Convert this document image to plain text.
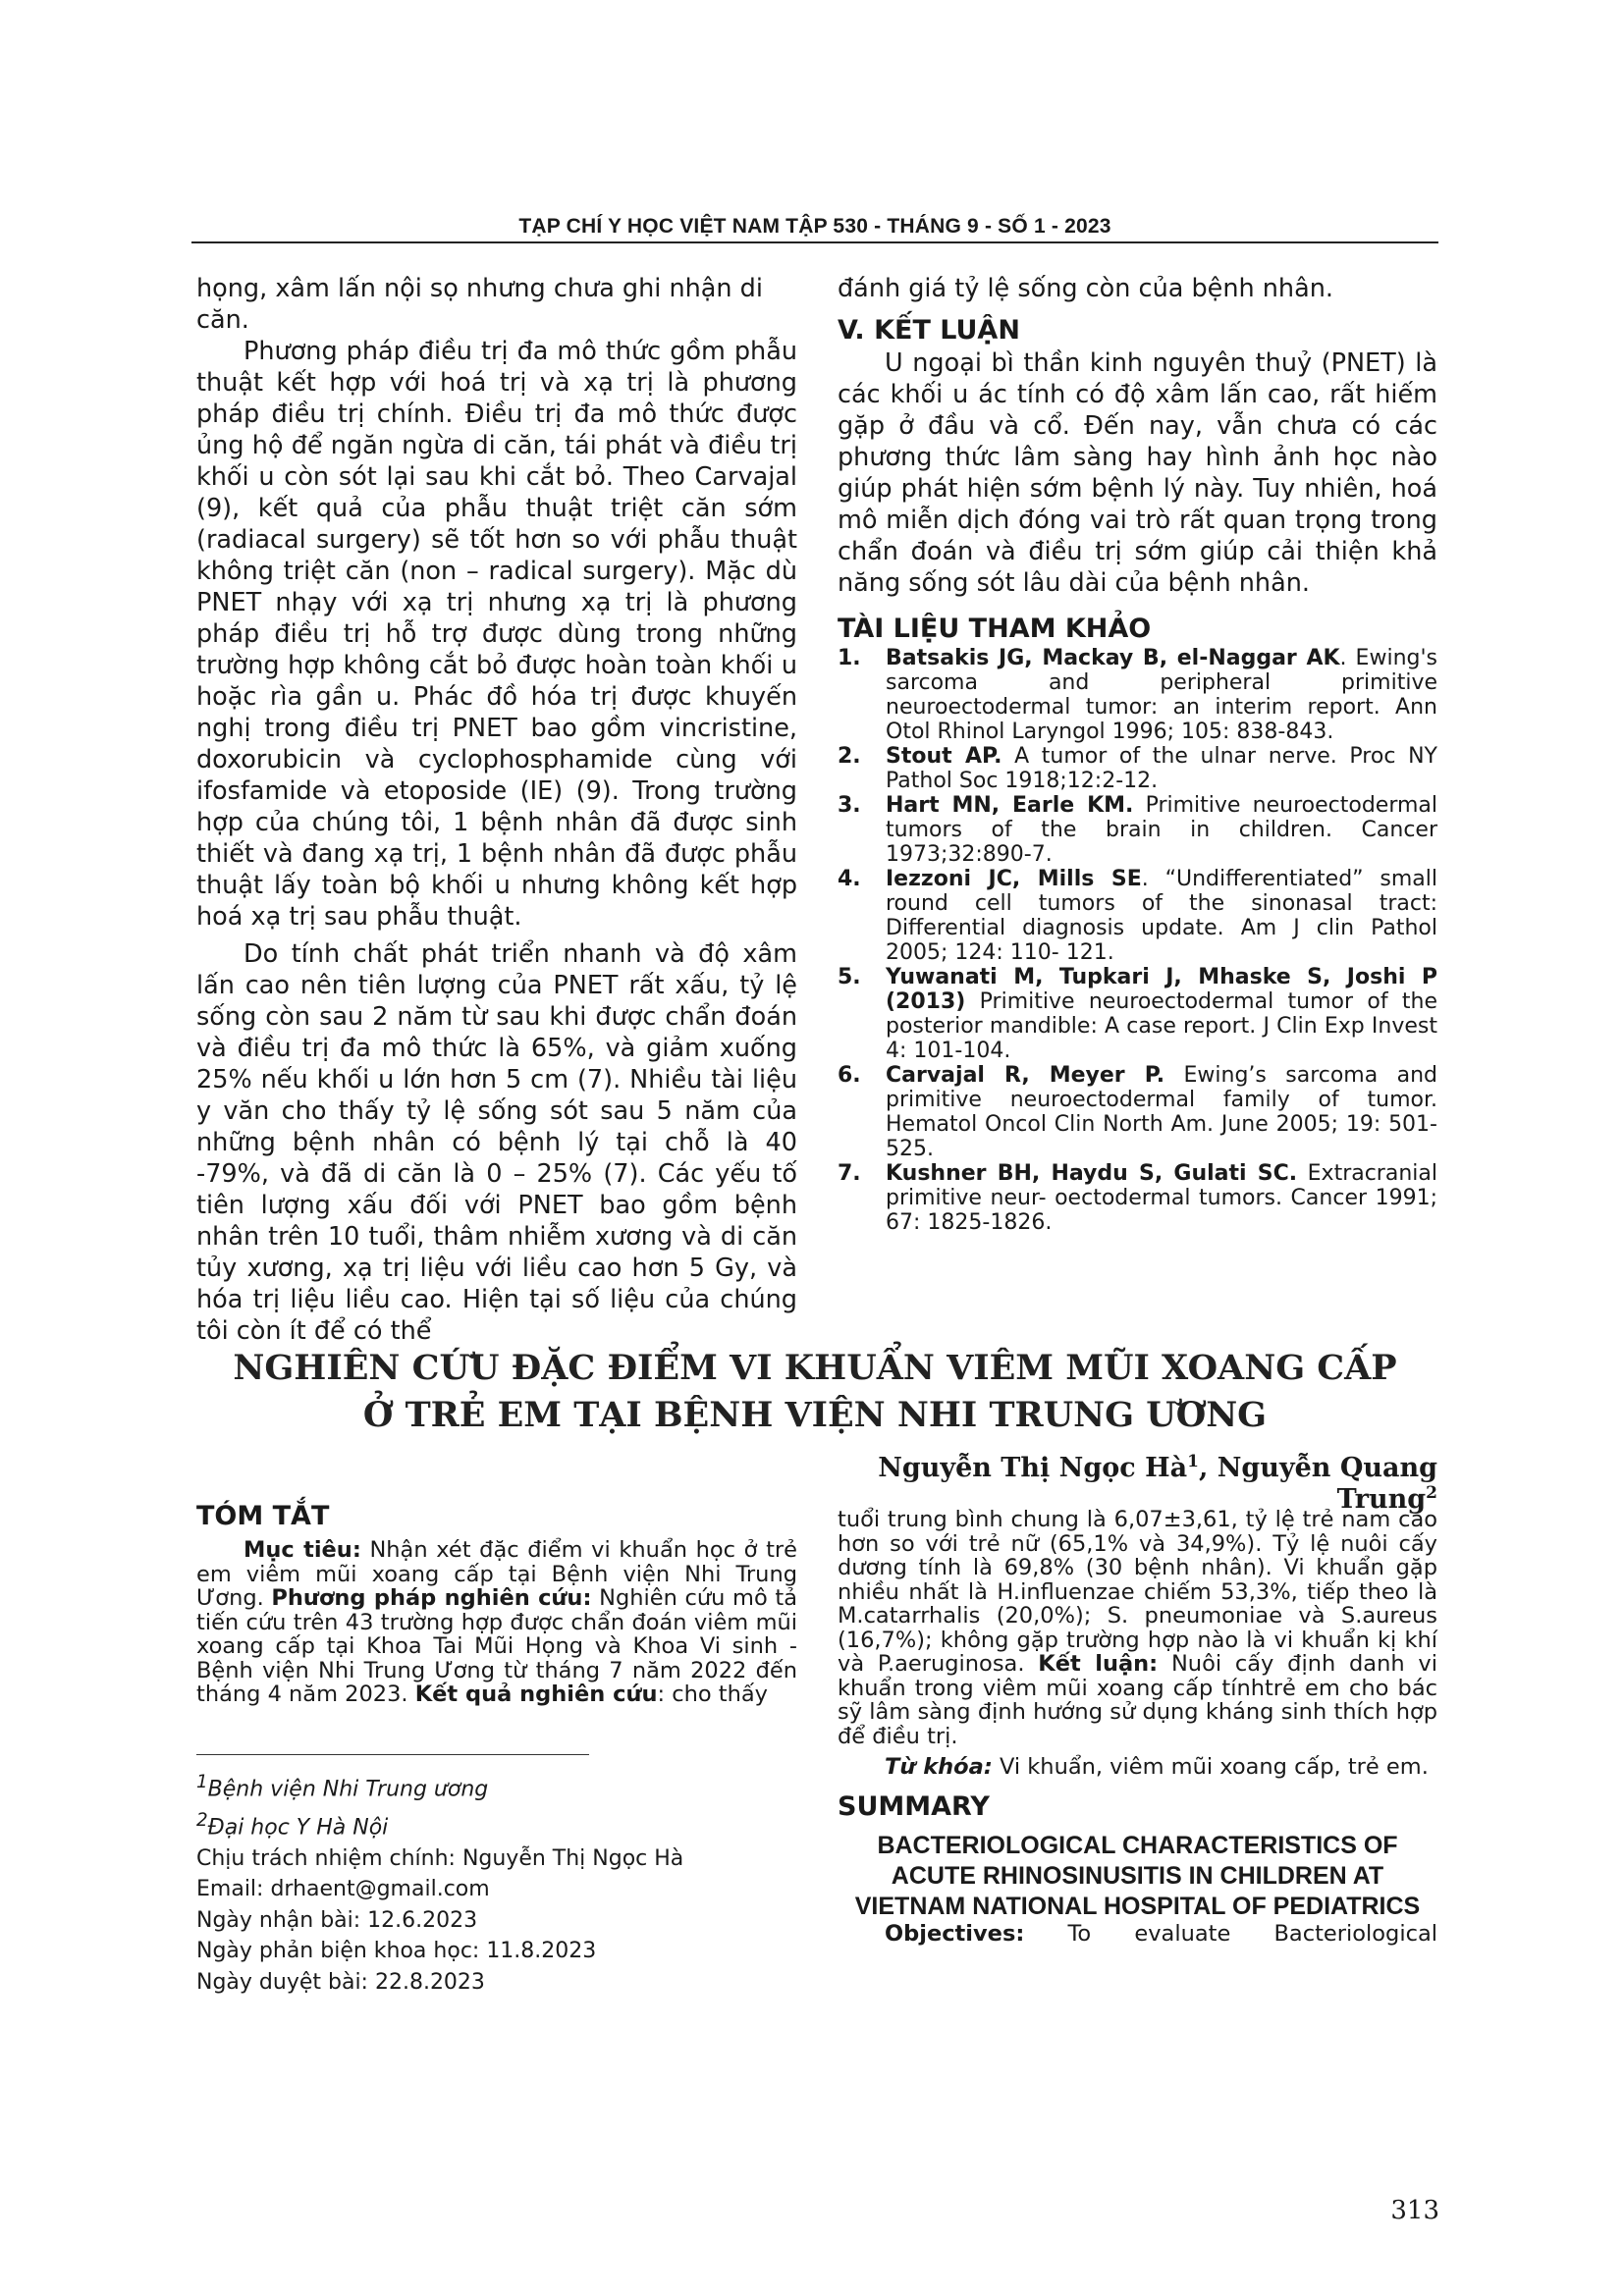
TẠP CHÍ Y HỌC VIỆT NAM TẬP 530 - THÁNG 9 - SỐ 1 - 2023

họng, xâm lấn nội sọ nhưng chưa ghi nhận di căn.

Phương pháp điều trị đa mô thức gồm phẫu thuật kết hợp với hoá trị và xạ trị là phương pháp điều trị chính. Điều trị đa mô thức được ủng hộ để ngăn ngừa di căn, tái phát và điều trị khối u còn sót lại sau khi cắt bỏ. Theo Carvajal (9), kết quả của phẫu thuật triệt căn sớm (radiacal surgery) sẽ tốt hơn so với phẫu thuật không triệt căn (non – radical surgery). Mặc dù PNET nhạy với xạ trị nhưng xạ trị là phương pháp điều trị hỗ trợ được dùng trong những trường hợp không cắt bỏ được hoàn toàn khối u hoặc rìa gần u. Phác đồ hóa trị được khuyến nghị trong điều trị PNET bao gồm vincristine, doxorubicin và cyclophosphamide cùng với ifosfamide và etoposide (IE) (9). Trong trường hợp của chúng tôi, 1 bệnh nhân đã được sinh thiết và đang xạ trị, 1 bệnh nhân đã được phẫu thuật lấy toàn bộ khối u nhưng không kết hợp hoá xạ trị sau phẫu thuật.

Do tính chất phát triển nhanh và độ xâm lấn cao nên tiên lượng của PNET rất xấu, tỷ lệ sống còn sau 2 năm từ sau khi được chẩn đoán và điều trị đa mô thức là 65%, và giảm xuống 25% nếu khối u lớn hơn 5 cm (7). Nhiều tài liệu y văn cho thấy tỷ lệ sống sót sau 5 năm của những bệnh nhân có bệnh lý tại chỗ là 40 -79%, và đã di căn là 0 – 25% (7). Các yếu tố tiên lượng xấu đối với PNET bao gồm bệnh nhân trên 10 tuổi, thâm nhiễm xương và di căn tủy xương, xạ trị liệu với liều cao hơn 5 Gy, và hóa trị liệu liều cao. Hiện tại số liệu của chúng tôi còn ít để có thể

đánh giá tỷ lệ sống còn của bệnh nhân.

V. KẾT LUẬN

U ngoại bì thần kinh nguyên thuỷ (PNET) là các khối u ác tính có độ xâm lấn cao, rất hiếm gặp ở đầu và cổ. Đến nay, vẫn chưa có các phương thức lâm sàng hay hình ảnh học nào giúp phát hiện sớm bệnh lý này. Tuy nhiên, hoá mô miễn dịch đóng vai trò rất quan trọng trong chẩn đoán và điều trị sớm giúp cải thiện khả năng sống sót lâu dài của bệnh nhân.

TÀI LIỆU THAM KHẢO
1. Batsakis JG, Mackay B, el-Naggar AK. Ewing's sarcoma and peripheral primitive neuroectodermal tumor: an interim report. Ann Otol Rhinol Laryngol 1996; 105: 838-843.
2. Stout AP. A tumor of the ulnar nerve. Proc NY Pathol Soc 1918;12:2-12.
3. Hart MN, Earle KM. Primitive neuroectodermal tumors of the brain in children. Cancer 1973;32:890-7.
4. Iezzoni JC, Mills SE. “Undifferentiated” small round cell tumors of the sinonasal tract: Differential diagnosis update. Am J clin Pathol 2005; 124: 110- 121.
5. Yuwanati M, Tupkari J, Mhaske S, Joshi P (2013) Primitive neuroectodermal tumor of the posterior mandible: A case report. J Clin Exp Invest 4: 101-104.
6. Carvajal R, Meyer P. Ewing’s sarcoma and primitive neuroectodermal family of tumor. Hematol Oncol Clin North Am. June 2005; 19: 501-525.
7. Kushner BH, Haydu S, Gulati SC. Extracranial primitive neur- oectodermal tumors. Cancer 1991; 67: 1825-1826.
NGHIÊN CỨU ĐẶC ĐIỂM VI KHUẨN VIÊM MŨI XOANG CẤP
Ở TRẺ EM TẠI BỆNH VIỆN NHI TRUNG ƯƠNG
Nguyễn Thị Ngọc $Hà^1$, Nguyễn Quang Trung$^2$
TÓM TẮT

Mục tiêu: Nhận xét đặc điểm vi khuẩn học ở trẻ em viêm mũi xoang cấp tại Bệnh viện Nhi Trung Ương. Phương pháp nghiên cứu: Nghiên cứu mô tả tiến cứu trên 43 trường hợp được chẩn đoán viêm mũi xoang cấp tại Khoa Tai Mũi Họng và Khoa Vi sinh - Bệnh viện Nhi Trung Ương từ tháng 7 năm 2022 đến tháng 4 năm 2023. Kết quả nghiên cứu: cho thấy

$^1$Bệnh viện Nhi Trung ương
$^2$Đại học Y Hà Nội
Chịu trách nhiệm chính: Nguyễn Thị Ngọc Hà
Email: drhaent@gmail.com
Ngày nhận bài: 12.6.2023
Ngày phản biện khoa học: 11.8.2023
Ngày duyệt bài: 22.8.2023

tuổi trung bình chung là 6,07±3,61, tỷ lệ trẻ nam cao hơn so với trẻ nữ (65,1% và 34,9%). Tỷ lệ nuôi cấy dương tính là 69,8% (30 bệnh nhân). Vi khuẩn gặp nhiều nhất là H.influenzae chiếm 53,3%, tiếp theo là M.catarrhalis (20,0%); S. pneumoniae và S.aureus (16,7%); không gặp trường hợp nào là vi khuẩn kị khí và P.aeruginosa. Kết luận: Nuôi cấy định danh vi khuẩn trong viêm mũi xoang cấp tínhtrẻ em cho bác sỹ lâm sàng định hướng sử dụng kháng sinh thích hợp để điều trị.

Từ khóa: Vi khuẩn, viêm mũi xoang cấp, trẻ em.

SUMMARY
BACTERIOLOGICAL CHARACTERISTICS OF
ACUTE RHINOSINUSITIS IN CHILDREN AT
VIETNAM NATIONAL HOSPITAL OF PEDIATRICS
Objectives: To evaluate Bacteriological
313
